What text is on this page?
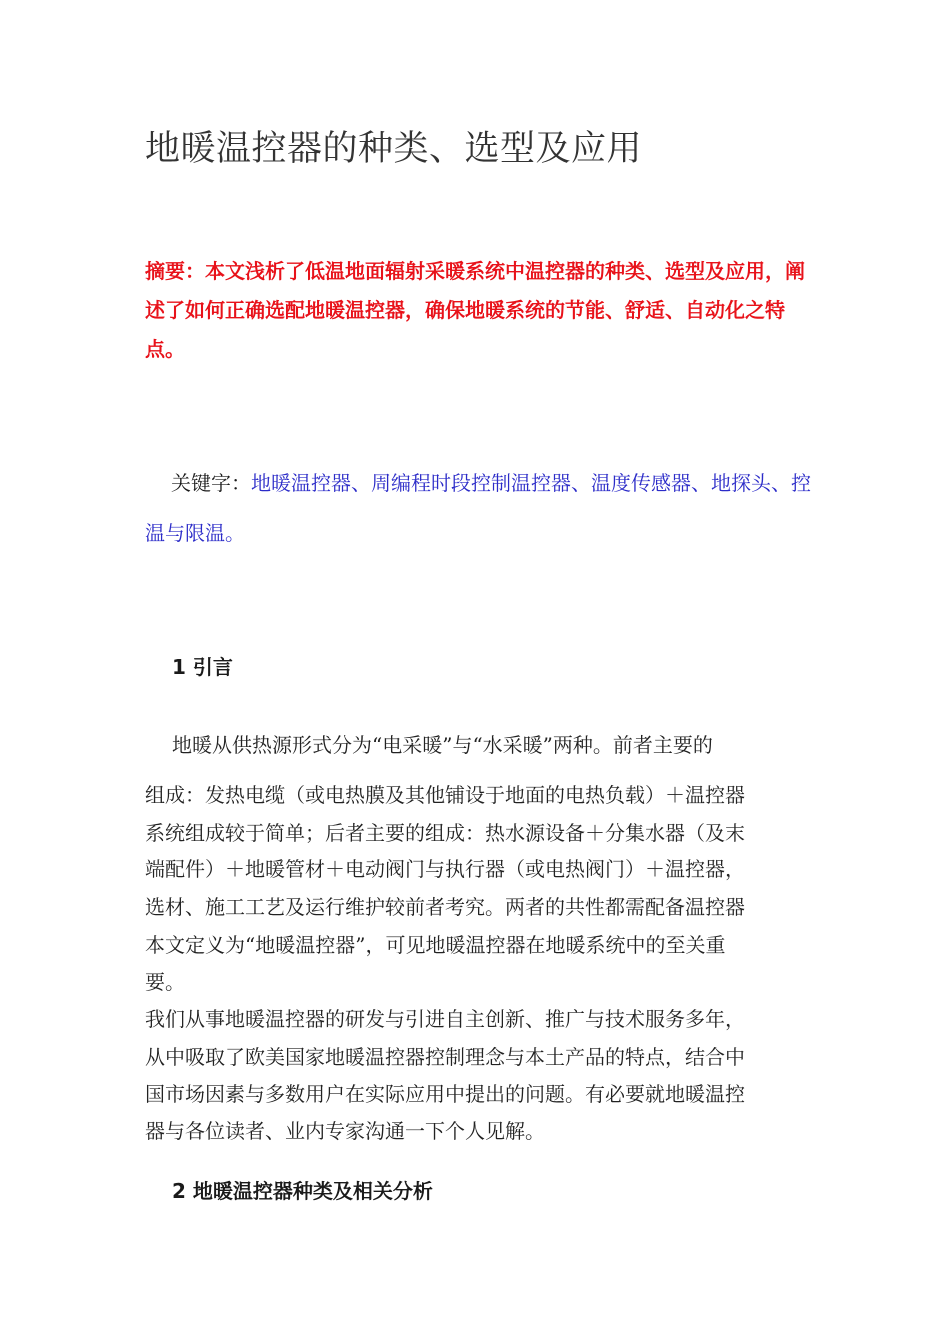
地暖温控器的种类、选型及应用
摘要：本文浅析了低温地面辐射采暖系统中温控器的种类、选型及应用，阐述了如何正确选配地暖温控器，确保地暖系统的节能、舒适、自动化之特点。
关键字：地暖温控器、周编程时段控制温控器、温度传感器、地探头、控温与限温。
1 引言
地暖从供热源形式分为“电采暖”与“水采暖”两种。前者主要的
组成：发热电缆（或电热膜及其他铺设于地面的电热负载）＋温控器
系统组成较于简单；后者主要的组成：热水源设备＋分集水器（及末
端配件）＋地暖管材＋电动阀门与执行器（或电热阀门）＋温控器，
选材、施工工艺及运行维护较前者考究。两者的共性都需配备温控器
本文定义为“地暖温控器”，可见地暖温控器在地暖系统中的至关重
要。
我们从事地暖温控器的研发与引进自主创新、推广与技术服务多年，
从中吸取了欧美国家地暖温控器控制理念与本土产品的特点，结合中
国市场因素与多数用户在实际应用中提出的问题。有必要就地暖温控
器与各位读者、业内专家沟通一下个人见解。
2 地暖温控器种类及相关分析
